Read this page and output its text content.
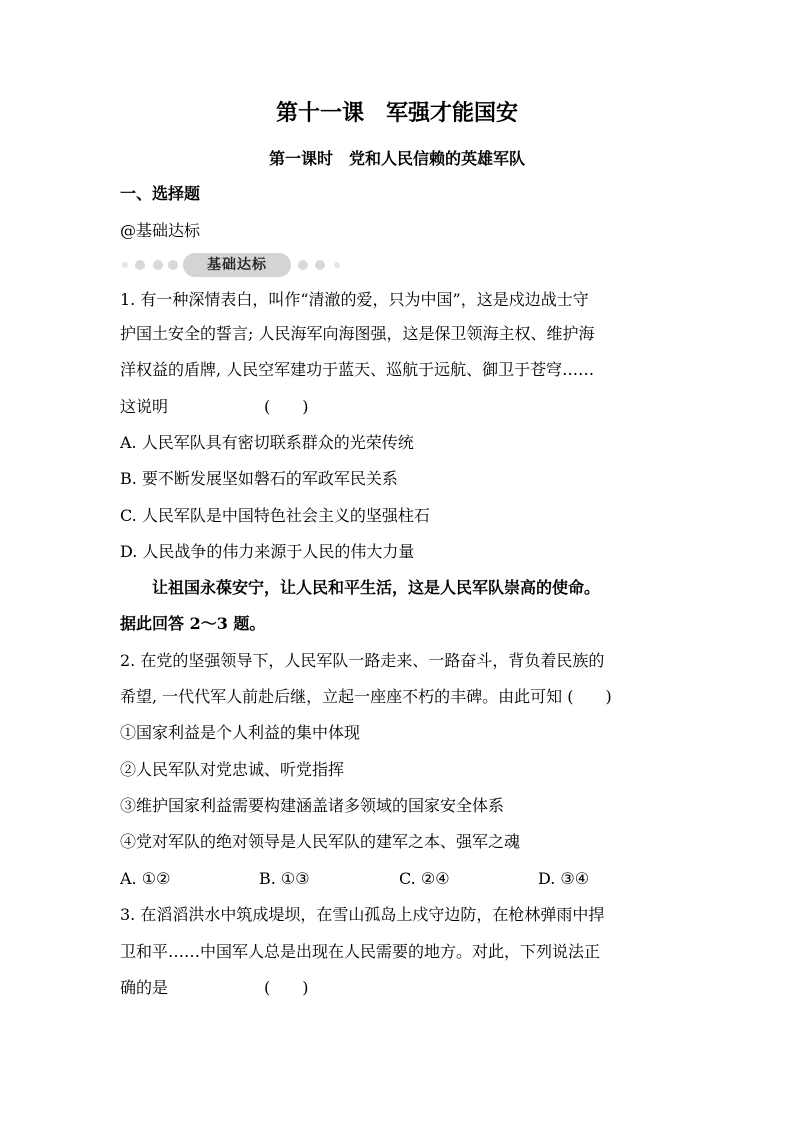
第十一课　军强才能国安
第一课时　党和人民信赖的英雄军队
一、选择题
@基础达标
基础达标
1. 有一种深情表白，叫作“清澈的爱，只为中国”，这是戍边战士守
护国土安全的誓言; 人民海军向海图强，这是保卫领海主权、维护海
洋权益的盾牌, 人民空军建功于蓝天、巡航于远航、御卫于苍穹……
这说明　　　　　　(　　)
A. 人民军队具有密切联系群众的光荣传统
B. 要不断发展坚如磐石的军政军民关系
C. 人民军队是中国特色社会主义的坚强柱石
D. 人民战争的伟力来源于人民的伟大力量
让祖国永葆安宁，让人民和平生活，这是人民军队崇高的使命。
据此回答 2～3 题。
2. 在党的坚强领导下，人民军队一路走来、一路奋斗，背负着民族的
希望, 一代代军人前赴后继，立起一座座不朽的丰碑。由此可知 (　　)
①国家利益是个人利益的集中体现
②人民军队对党忠诚、听党指挥
③维护国家利益需要构建涵盖诸多领域的国家安全体系
④党对军队的绝对领导是人民军队的建军之本、强军之魂
A. ①②	B. ①③	C. ②④	D. ③④
3. 在滔滔洪水中筑成堤坝，在雪山孤岛上戍守边防，在枪林弹雨中捍
卫和平……中国军人总是出现在人民需要的地方。对此，下列说法正
确的是　　　　　　(　　)
